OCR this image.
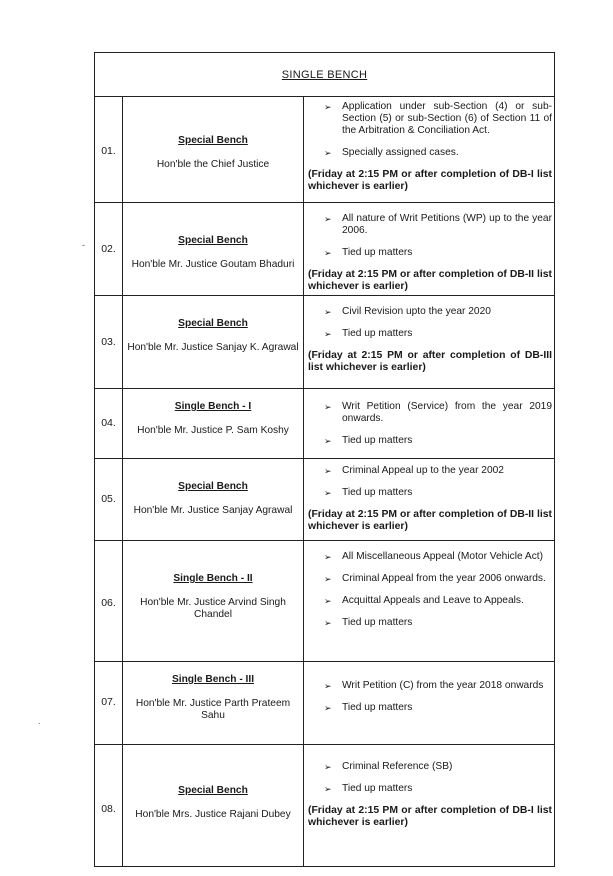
SINGLE BENCH
01.
Special Bench
Hon'ble the Chief Justice
➢ Application under sub-Section (4) or sub-Section (5) or sub-Section (6) of Section 11 of the Arbitration & Conciliation Act.
➢ Specially assigned cases.
(Friday at 2:15 PM or after completion of DB-I list whichever is earlier)
02.
Special Bench
Hon'ble Mr. Justice Goutam Bhaduri
➢ All nature of Writ Petitions (WP) up to the year 2006.
➢ Tied up matters
(Friday at 2:15 PM or after completion of DB-II list whichever is earlier)
03.
Special Bench
Hon'ble Mr. Justice Sanjay K. Agrawal
➢ Civil Revision upto the year 2020
➢ Tied up matters
(Friday at 2:15 PM or after completion of DB-III list whichever is earlier)
04.
Single Bench - I
Hon'ble Mr. Justice P. Sam Koshy
➢ Writ Petition (Service) from the year 2019 onwards.
➢ Tied up matters
05.
Special Bench
Hon'ble Mr. Justice Sanjay Agrawal
➢ Criminal Appeal up to the year 2002
➢ Tied up matters
(Friday at 2:15 PM or after completion of DB-II list whichever is earlier)
06.
Single Bench - II
Hon'ble Mr. Justice Arvind Singh Chandel
➢ All Miscellaneous Appeal (Motor Vehicle Act)
➢ Criminal Appeal from the year 2006 onwards.
➢ Acquittal Appeals and Leave to Appeals.
➢ Tied up matters
07.
Single Bench - III
Hon'ble Mr. Justice Parth Prateem Sahu
➢ Writ Petition (C) from the year 2018 onwards
➢ Tied up matters
08.
Special Bench
Hon'ble Mrs. Justice Rajani Dubey
➢ Criminal Reference (SB)
➢ Tied up matters
(Friday at 2:15 PM or after completion of DB-I list whichever is earlier)
-
.
